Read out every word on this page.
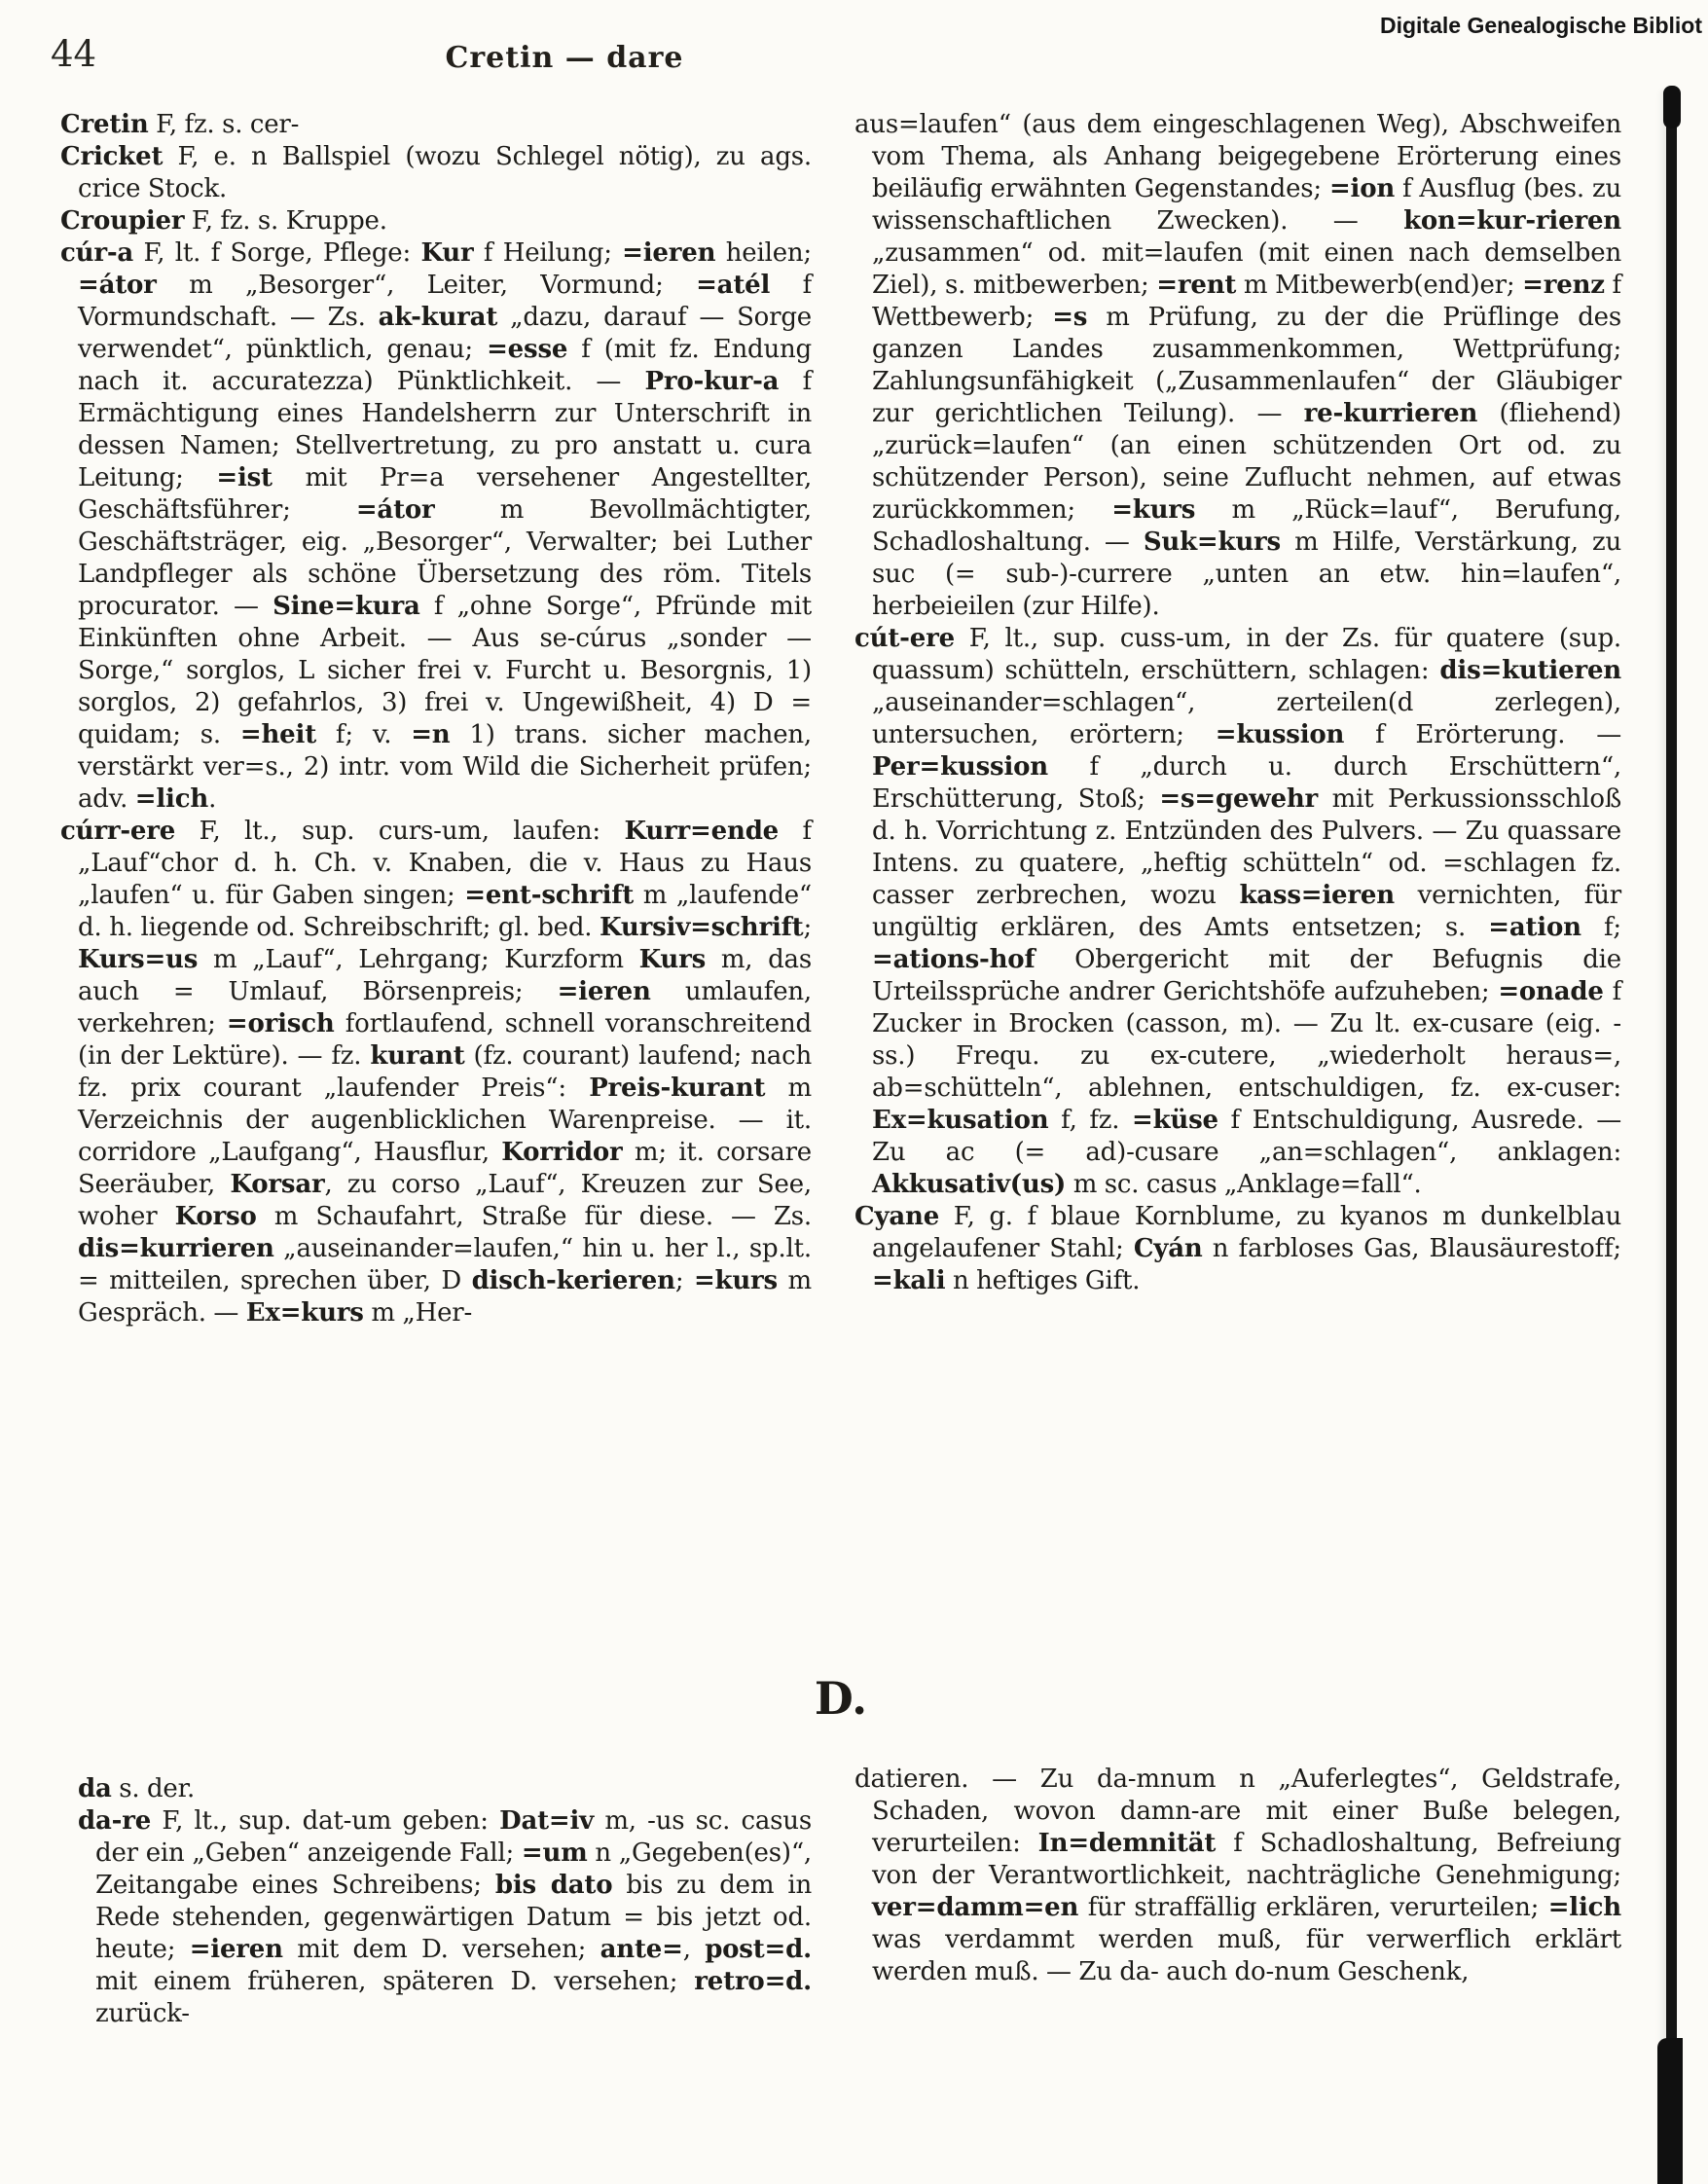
Digitale Genealogische Bibliot
44	Cretin — dare

Cretin F, fz. s. cer-

Cricket F, e. n Ballspiel (wozu Schlegel nötig), zu ags. crice Stock.

Croupier F, fz. s. Kruppe.

cúr-a F, lt. f Sorge, Pflege: Kur f Heilung; =ieren heilen; =átor m „Besorger“, Leiter, Vormund; =atél f Vormundschaft. — Zs. ak-kurat „dazu, darauf — Sorge verwendet“, pünktlich, genau; =esse f (mit fz. Endung nach it. accuratezza) Pünktlichkeit. — Pro-kur-a f Ermächtigung eines Handelsherrn zur Unterschrift in dessen Namen; Stellvertretung, zu pro anstatt u. cura Leitung; =ist mit Pr=a versehener Angestellter, Geschäftsführer; =átor m Bevollmächtigter, Geschäftsträger, eig. „Besorger“, Verwalter; bei Luther Landpfleger als schöne Übersetzung des röm. Titels procurator. — Sine=kura f „ohne Sorge“, Pfründe mit Einkünften ohne Arbeit. — Aus se-cúrus „sonder — Sorge,“ sorglos, L sicher frei v. Furcht u. Besorgnis, 1) sorglos, 2) gefahrlos, 3) frei v. Ungewißheit, 4) D = quidam; s. =heit f; v. =n 1) trans. sicher machen, verstärkt ver=s., 2) intr. vom Wild die Sicherheit prüfen; adv. =lich.

cúrr-ere F, lt., sup. curs-um, laufen: Kurr=ende f „Lauf“chor d. h. Ch. v. Knaben, die v. Haus zu Haus „laufen“ u. für Gaben singen; =ent-schrift m „laufende“ d. h. liegende od. Schreibschrift; gl. bed. Kursiv=schrift; Kurs=us m „Lauf“, Lehrgang; Kurzform Kurs m, das auch = Umlauf, Börsenpreis; =ieren umlaufen, verkehren; =orisch fortlaufend, schnell voranschreitend (in der Lektüre). — fz. kurant (fz. courant) laufend; nach fz. prix courant „laufender Preis“: Preis-kurant m Verzeichnis der augenblicklichen Warenpreise. — it. corridore „Laufgang“, Hausflur, Korridor m; it. corsare Seeräuber, Korsar, zu corso „Lauf“, Kreuzen zur See, woher Korso m Schaufahrt, Straße für diese. — Zs. dis=kurrieren „auseinander=laufen,“ hin u. her l., sp.lt. = mitteilen, sprechen über, D disch-kerieren; =kurs m Gespräch. — Ex=kurs m „Her-

aus=laufen“ (aus dem eingeschlagenen Weg), Abschweifen vom Thema, als Anhang beigegebene Erörterung eines beiläufig erwähnten Gegenstandes; =ion f Ausflug (bes. zu wissenschaftlichen Zwecken). — kon=kur-rieren „zusammen“ od. mit=laufen (mit einen nach demselben Ziel), s. mitbewerben; =rent m Mitbewerb(end)er; =renz f Wettbewerb; =s m Prüfung, zu der die Prüflinge des ganzen Landes zusammenkommen, Wettprüfung; Zahlungsunfähigkeit („Zusammenlaufen“ der Gläubiger zur gerichtlichen Teilung). — re-kurrieren (fliehend) „zurück=laufen“ (an einen schützenden Ort od. zu schützender Person), seine Zuflucht nehmen, auf etwas zurückkommen; =kurs m „Rück=lauf“, Berufung, Schadloshaltung. — Suk=kurs m Hilfe, Verstärkung, zu suc (= sub-)-currere „unten an etw. hin=laufen“, herbeieilen (zur Hilfe).

cút-ere F, lt., sup. cuss-um, in der Zs. für quatere (sup. quassum) schütteln, erschüttern, schlagen: dis=kutieren „auseinander=schlagen“, zerteilen(d zerlegen), untersuchen, erörtern; =kussion f Erörterung. — Per=kussion f „durch u. durch Erschüttern“, Erschütterung, Stoß; =s=gewehr mit Perkussionsschloß d. h. Vorrichtung z. Entzünden des Pulvers. — Zu quassare Intens. zu quatere, „heftig schütteln“ od. =schlagen fz. casser zerbrechen, wozu kass=ieren vernichten, für ungültig erklären, des Amts entsetzen; s. =ation f; =ations-hof Obergericht mit der Befugnis die Urteilssprüche andrer Gerichtshöfe aufzuheben; =onade f Zucker in Brocken (casson, m). — Zu lt. ex-cusare (eig. -ss.) Frequ. zu ex-cutere, „wiederholt heraus=, ab=schütteln“, ablehnen, entschuldigen, fz. ex-cuser: Ex=kusation f, fz. =küse f Entschuldigung, Ausrede. — Zu ac (= ad)-cusare „an=schlagen“, anklagen: Akkusativ(us) m sc. casus „Anklage=fall“.

Cyane F, g. f blaue Kornblume, zu kyanos m dunkelblau angelaufener Stahl; Cyán n farbloses Gas, Blausäurestoff; =kali n heftiges Gift.

D.

da s. der.

da-re F, lt., sup. dat-um geben: Dat=iv m, -us sc. casus der ein „Geben“ anzeigende Fall; =um n „Gegeben(es)“, Zeitangabe eines Schreibens; bis dato bis zu dem in Rede stehenden, gegenwärtigen Datum = bis jetzt od. heute; =ieren mit dem D. versehen; ante=, post=d. mit einem früheren, späteren D. versehen; retro=d. zurück-

datieren. — Zu da-mnum n „Auferlegtes“, Geldstrafe, Schaden, wovon damn-are mit einer Buße belegen, verurteilen: In=demnität f Schadloshaltung, Befreiung von der Verantwortlichkeit, nachträgliche Genehmigung; ver=damm=en für straffällig erklären, verurteilen; =lich was verdammt werden muß, für verwerflich erklärt werden muß. — Zu da- auch do-num Geschenk,
